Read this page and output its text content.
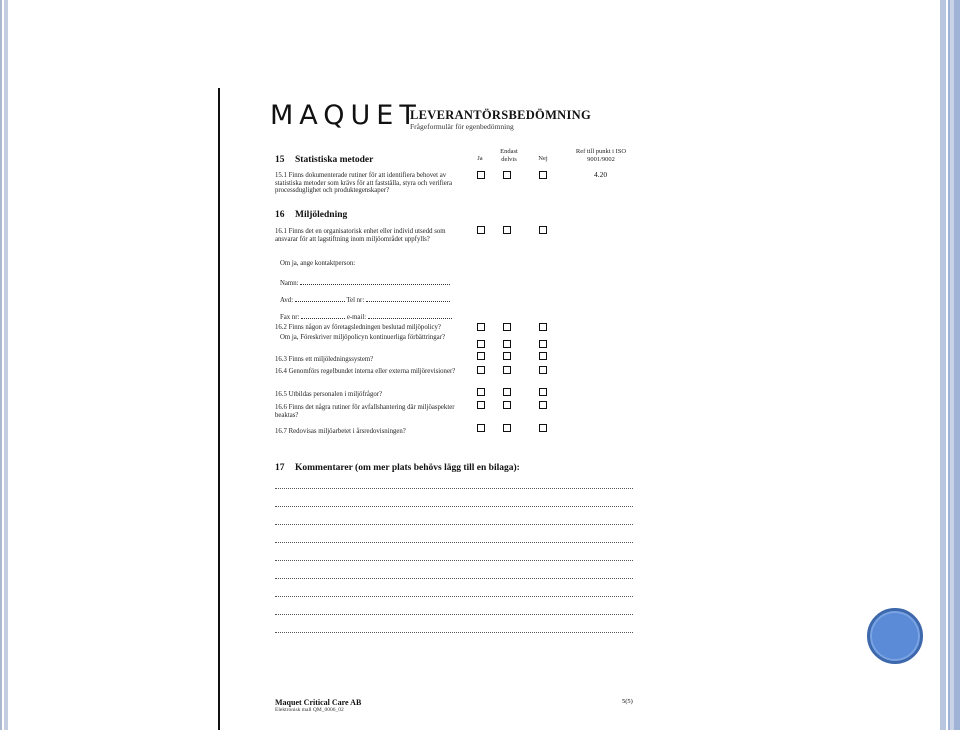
MAQUET
LEVERANTÖRSBEDÖMNING
Frågeformulär för egenbedömning
Ja
Endast delvis	Nej
Ref till punkt i ISO 9001/9002
15 Statistiska metoder
15.1 Finns dokumenterade rutiner för att identifiera behovet av statistiska metoder som krävs för att fastställa, styra och verifiera processduglighet och produktegenskaper?
4.20
16 Miljöledning
16.1 Finns det en organisatorisk enhet eller individ utsedd som ansvarar för att lagstiftning inom miljöområdet uppfylls?
Om ja, ange kontaktperson:
Namn:
Avd:	Tel nr:
Fax nr:	e-mail:
16.2 Finns någon av företagsledningen beslutad miljöpolicy?
Om ja, Föreskriver miljöpolicyn kontinuerliga förbättringar?
16.3 Finns ett miljöledningssystem?
16.4 Genomförs regelbundet interna eller externa miljörevisioner?
16.5 Utbildas personalen i miljöfrågor?
16.6 Finns det några rutiner för avfallshantering där miljöaspekter beaktas?
16.7 Redovisas miljöarbetet i årsredovisningen?
17 Kommentarer (om mer plats behövs lägg till en bilaga):
Maquet Critical Care AB
Elektronisk mall QM_0006_02
5(5)
